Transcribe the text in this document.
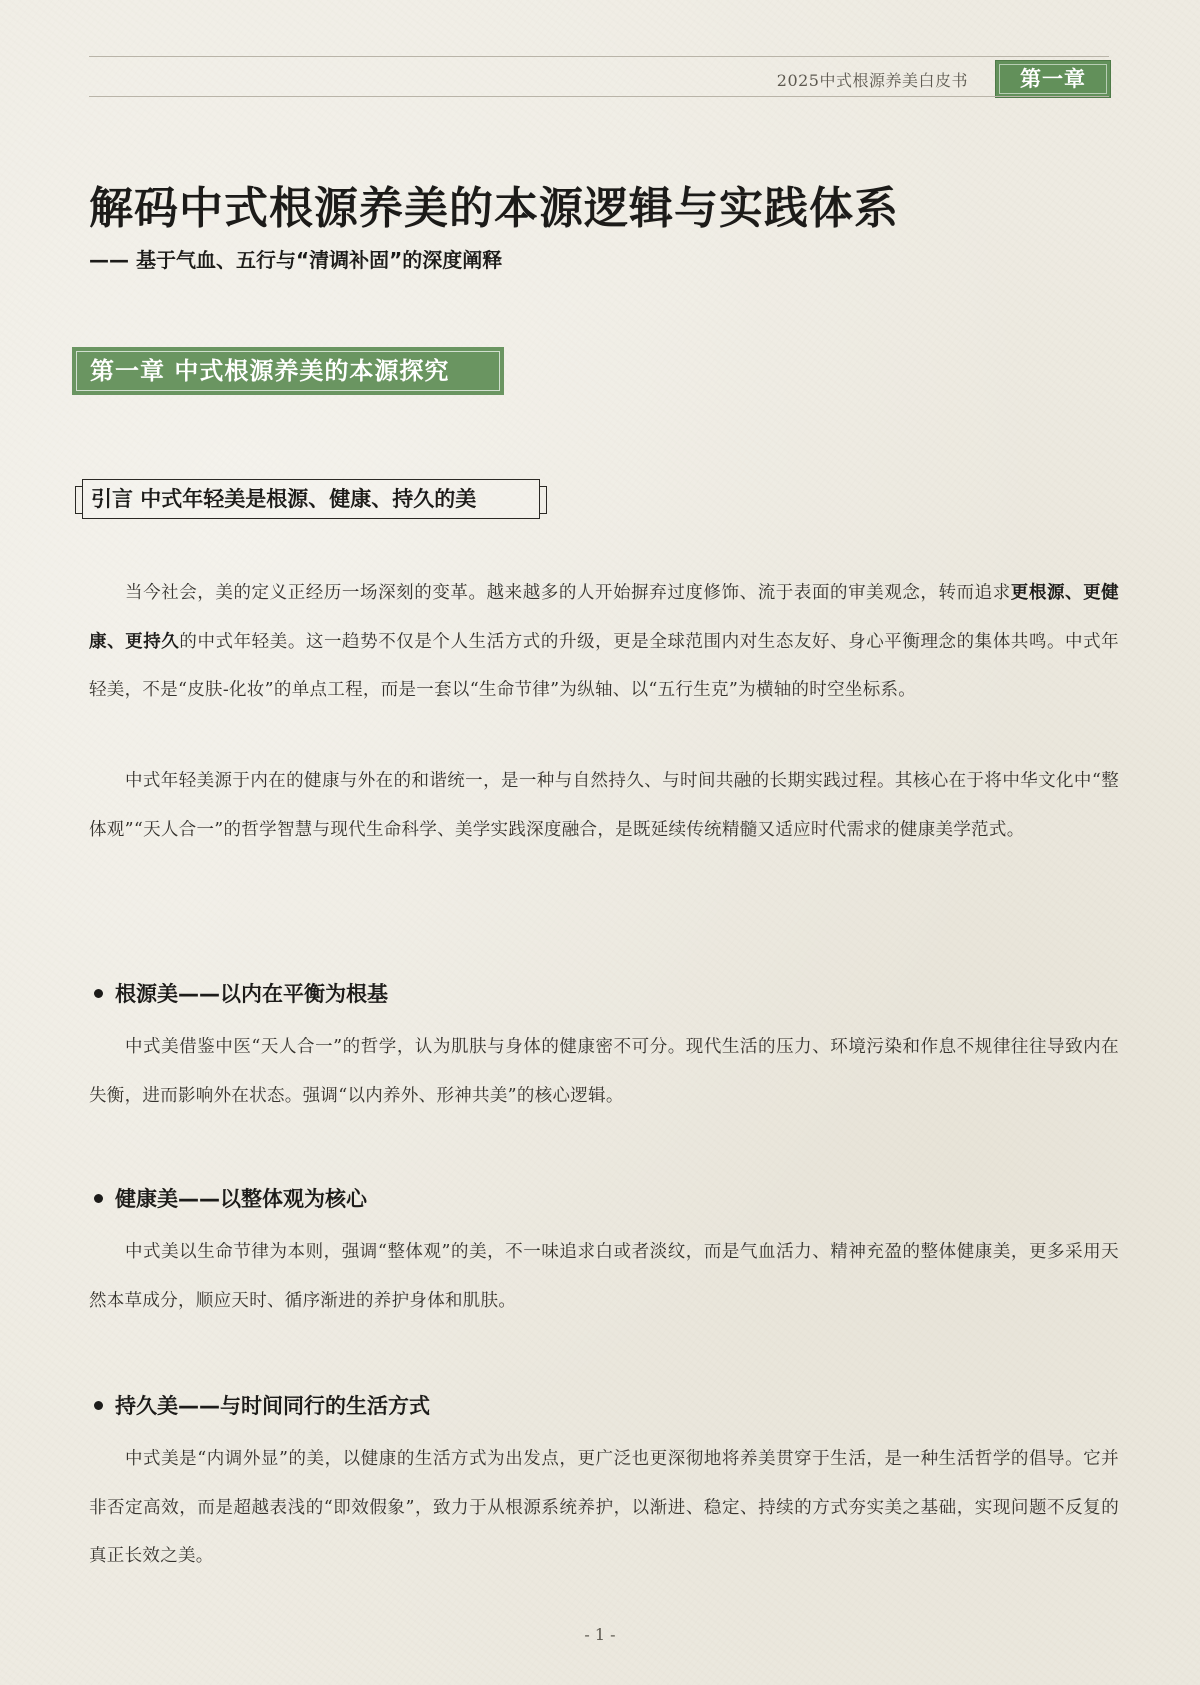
2025中式根源养美白皮书	第一章
解码中式根源养美的本源逻辑与实践体系
—— 基于气血、五行与“清调补固”的深度阐释
第一章 中式根源养美的本源探究
引言 中式年轻美是根源、健康、持久的美

当今社会，美的定义正经历一场深刻的变革。越来越多的人开始摒弃过度修饰、流于表面的审美观念，转而追求更根源、更健康、更持久的中式年轻美。这一趋势不仅是个人生活方式的升级，更是全球范围内对生态友好、身心平衡理念的集体共鸣。中式年轻美，不是“皮肤-化妆”的单点工程，而是一套以“生命节律”为纵轴、以“五行生克”为横轴的时空坐标系。

中式年轻美源于内在的健康与外在的和谐统一，是一种与自然持久、与时间共融的长期实践过程。其核心在于将中华文化中“整体观”“天人合一”的哲学智慧与现代生命科学、美学实践深度融合，是既延续传统精髓又适应时代需求的健康美学范式。

根源美——以内在平衡为根基

中式美借鉴中医“天人合一”的哲学，认为肌肤与身体的健康密不可分。现代生活的压力、环境污染和作息不规律往往导致内在失衡，进而影响外在状态。强调“以内养外、形神共美”的核心逻辑。

健康美——以整体观为核心

中式美以生命节律为本则，强调“整体观”的美，不一味追求白或者淡纹，而是气血活力、精神充盈的整体健康美，更多采用天然本草成分，顺应天时、循序渐进的养护身体和肌肤。

持久美——与时间同行的生活方式

中式美是“内调外显”的美，以健康的生活方式为出发点，更广泛也更深彻地将养美贯穿于生活，是一种生活哲学的倡导。它并非否定高效，而是超越表浅的“即效假象”，致力于从根源系统养护，以渐进、稳定、持续的方式夯实美之基础，实现问题不反复的真正长效之美。

- 1 -
